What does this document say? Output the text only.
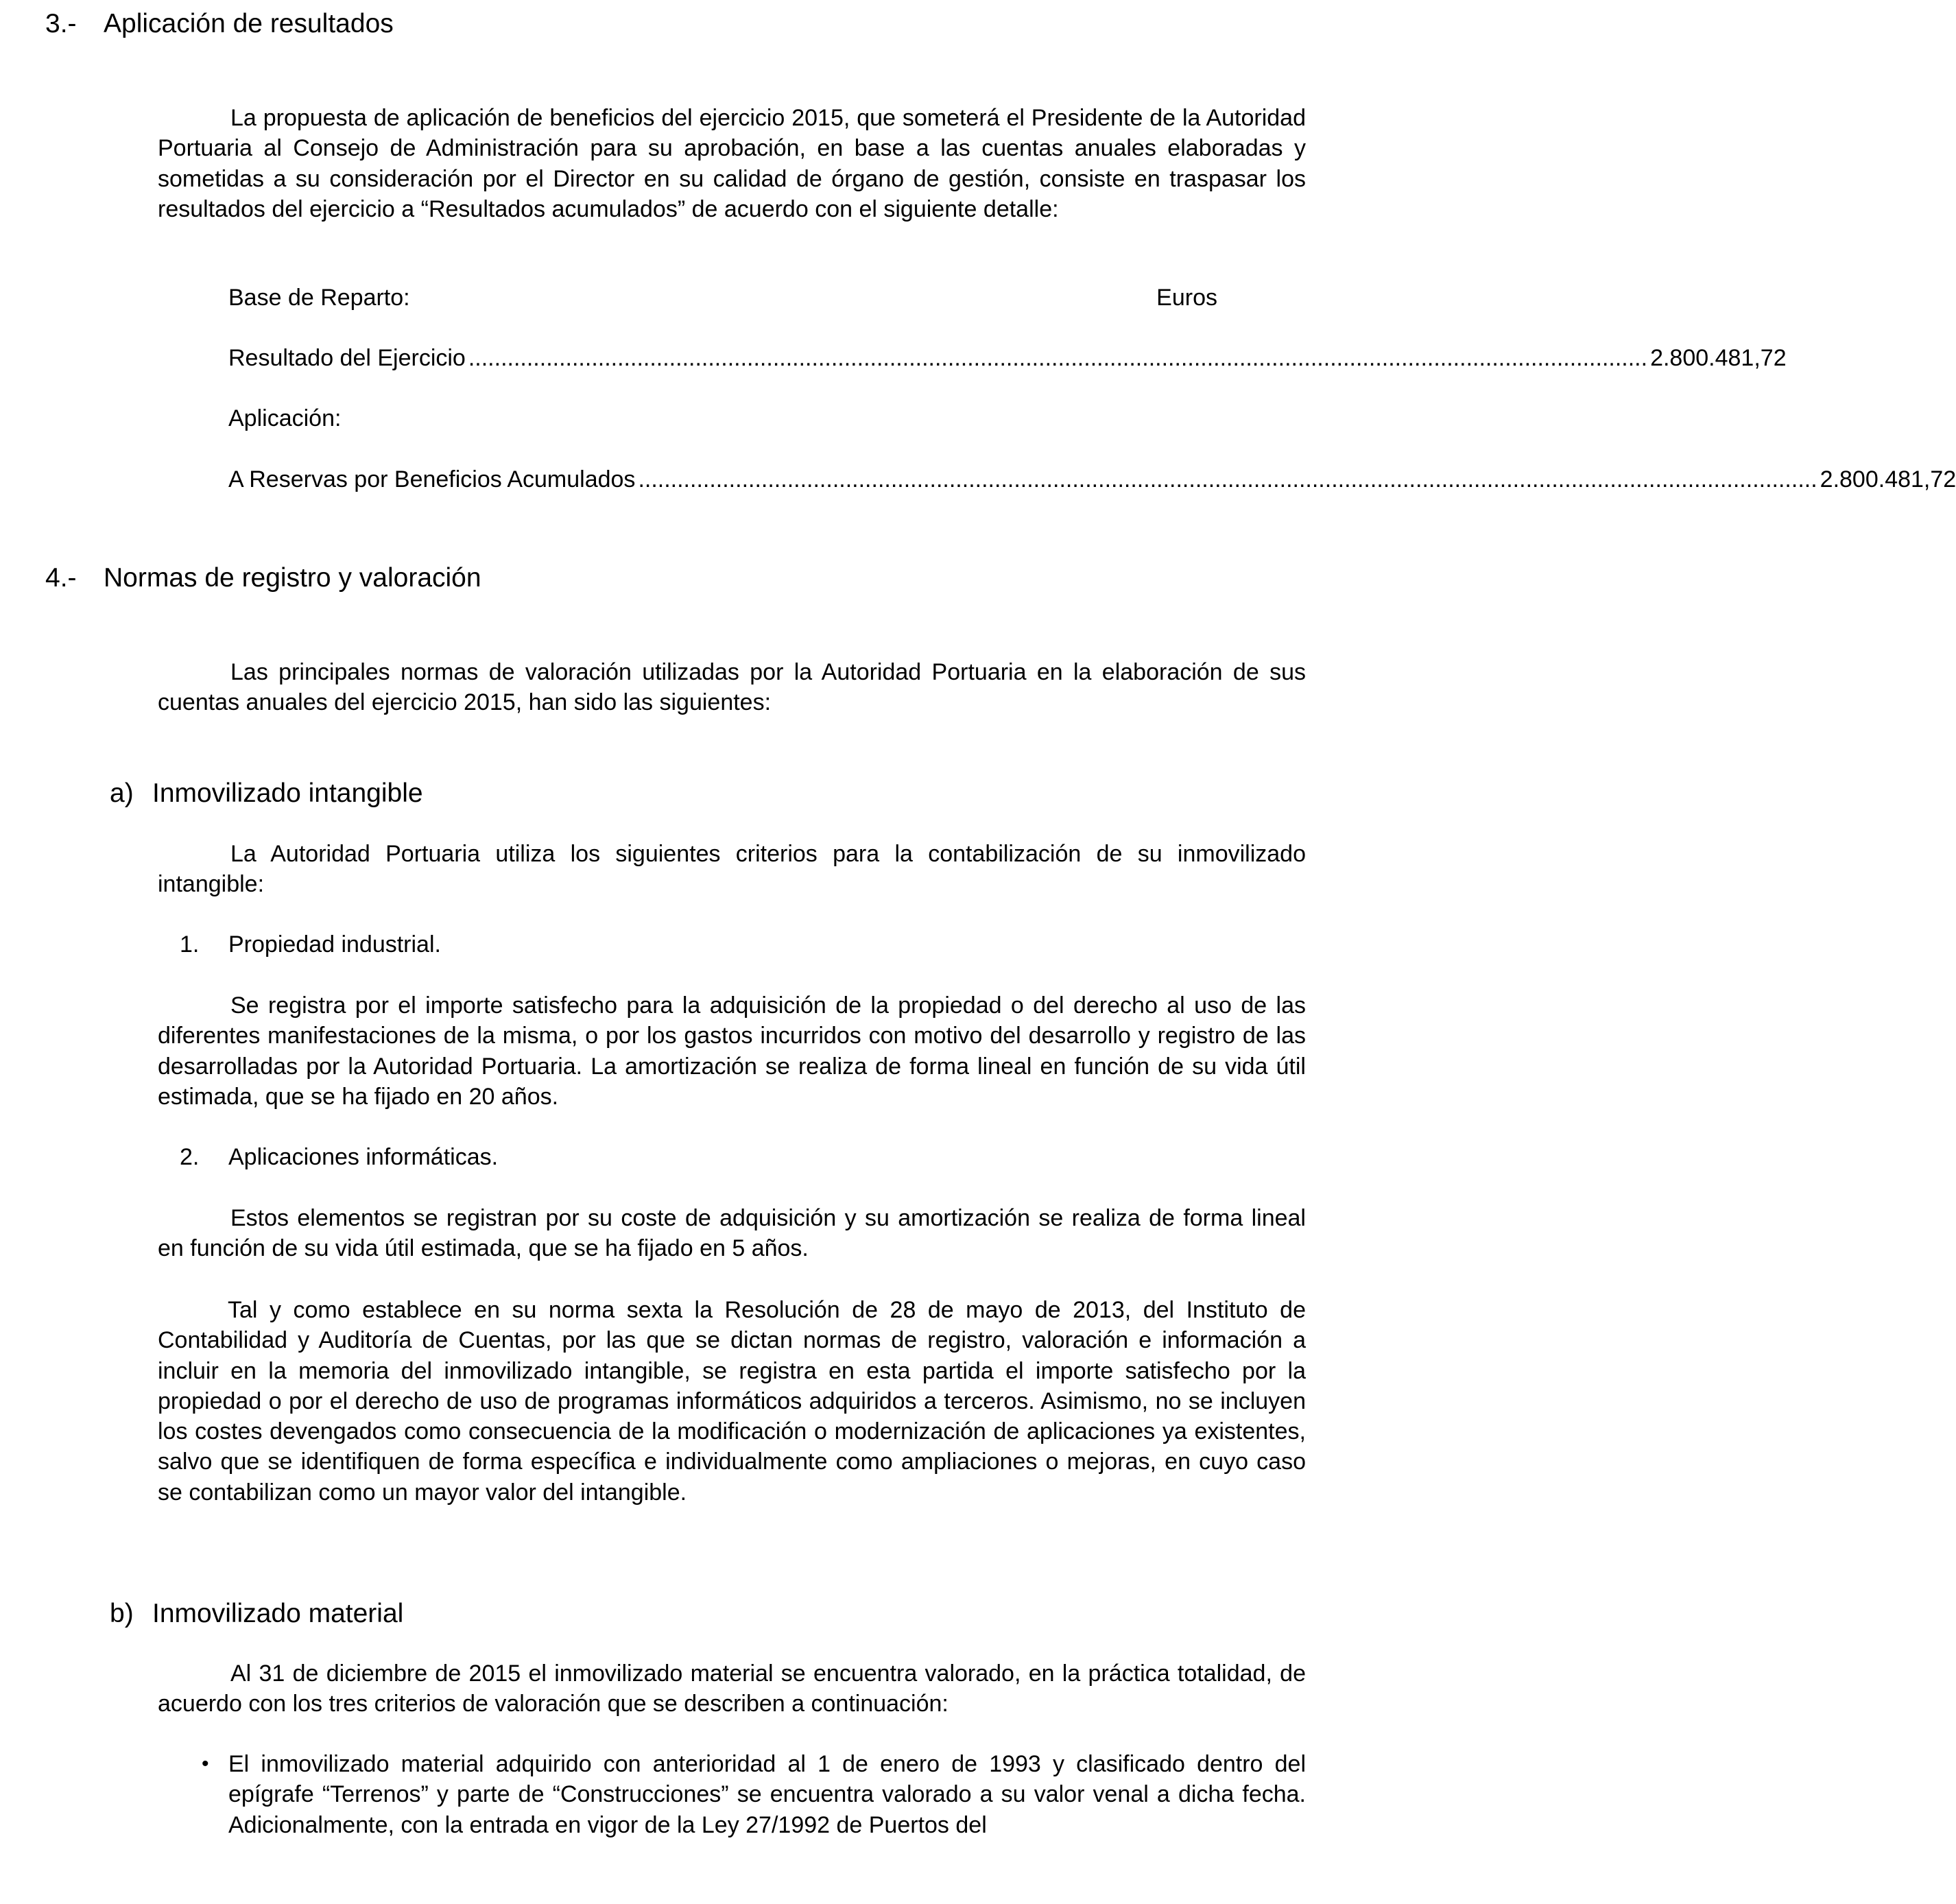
3.- Aplicación de resultados
La propuesta de aplicación de beneficios del ejercicio 2015, que someterá el Presidente de la Autoridad Portuaria al Consejo de Administración para su aprobación, en base a las cuentas anuales elaboradas y sometidas a su consideración por el Director en su calidad de órgano de gestión, consiste en traspasar los resultados del ejercicio a “Resultados acumulados” de acuerdo con el siguiente detalle:
Base de Reparto:	Euros
Resultado del Ejercicio ...................................................................................................................................................................................... 2.800.481,72
Aplicación:
A Reservas por Beneficios Acumulados ...................................................................................................................................................................................... 2.800.481,72
4.- Normas de registro y valoración
Las principales normas de valoración utilizadas por la Autoridad Portuaria en la elaboración de sus cuentas anuales del ejercicio 2015, han sido las siguientes:
a) Inmovilizado intangible
La Autoridad Portuaria utiliza los siguientes criterios para la contabilización de su inmovilizado intangible:
1. Propiedad industrial.
Se registra por el importe satisfecho para la adquisición de la propiedad o del derecho al uso de las diferentes manifestaciones de la misma, o por los gastos incurridos con motivo del desarrollo y registro de las desarrolladas por la Autoridad Portuaria. La amortización se realiza de forma lineal en función de su vida útil estimada, que se ha fijado en 20 años.
2. Aplicaciones informáticas.
Estos elementos se registran por su coste de adquisición y su amortización se realiza de forma lineal en función de su vida útil estimada, que se ha fijado en 5 años.
Tal y como establece en su norma sexta la Resolución de 28 de mayo de 2013, del Instituto de Contabilidad y Auditoría de Cuentas, por las que se dictan normas de registro, valoración e información a incluir en la memoria del inmovilizado intangible, se registra en esta partida el importe satisfecho por la propiedad o por el derecho de uso de programas informáticos adquiridos a terceros. Asimismo, no se incluyen los costes devengados como consecuencia de la modificación o modernización de aplicaciones ya existentes, salvo que se identifiquen de forma específica e individualmente como ampliaciones o mejoras, en cuyo caso se contabilizan como un mayor valor del intangible.
b) Inmovilizado material
Al 31 de diciembre de 2015 el inmovilizado material se encuentra valorado, en la práctica totalidad, de acuerdo con los tres criterios de valoración que se describen a continuación:
• El inmovilizado material adquirido con anterioridad al 1 de enero de 1993 y clasificado dentro del epígrafe “Terrenos” y parte de “Construcciones” se encuentra valorado a su valor venal a dicha fecha. Adicionalmente, con la entrada en vigor de la Ley 27/1992 de Puertos del
